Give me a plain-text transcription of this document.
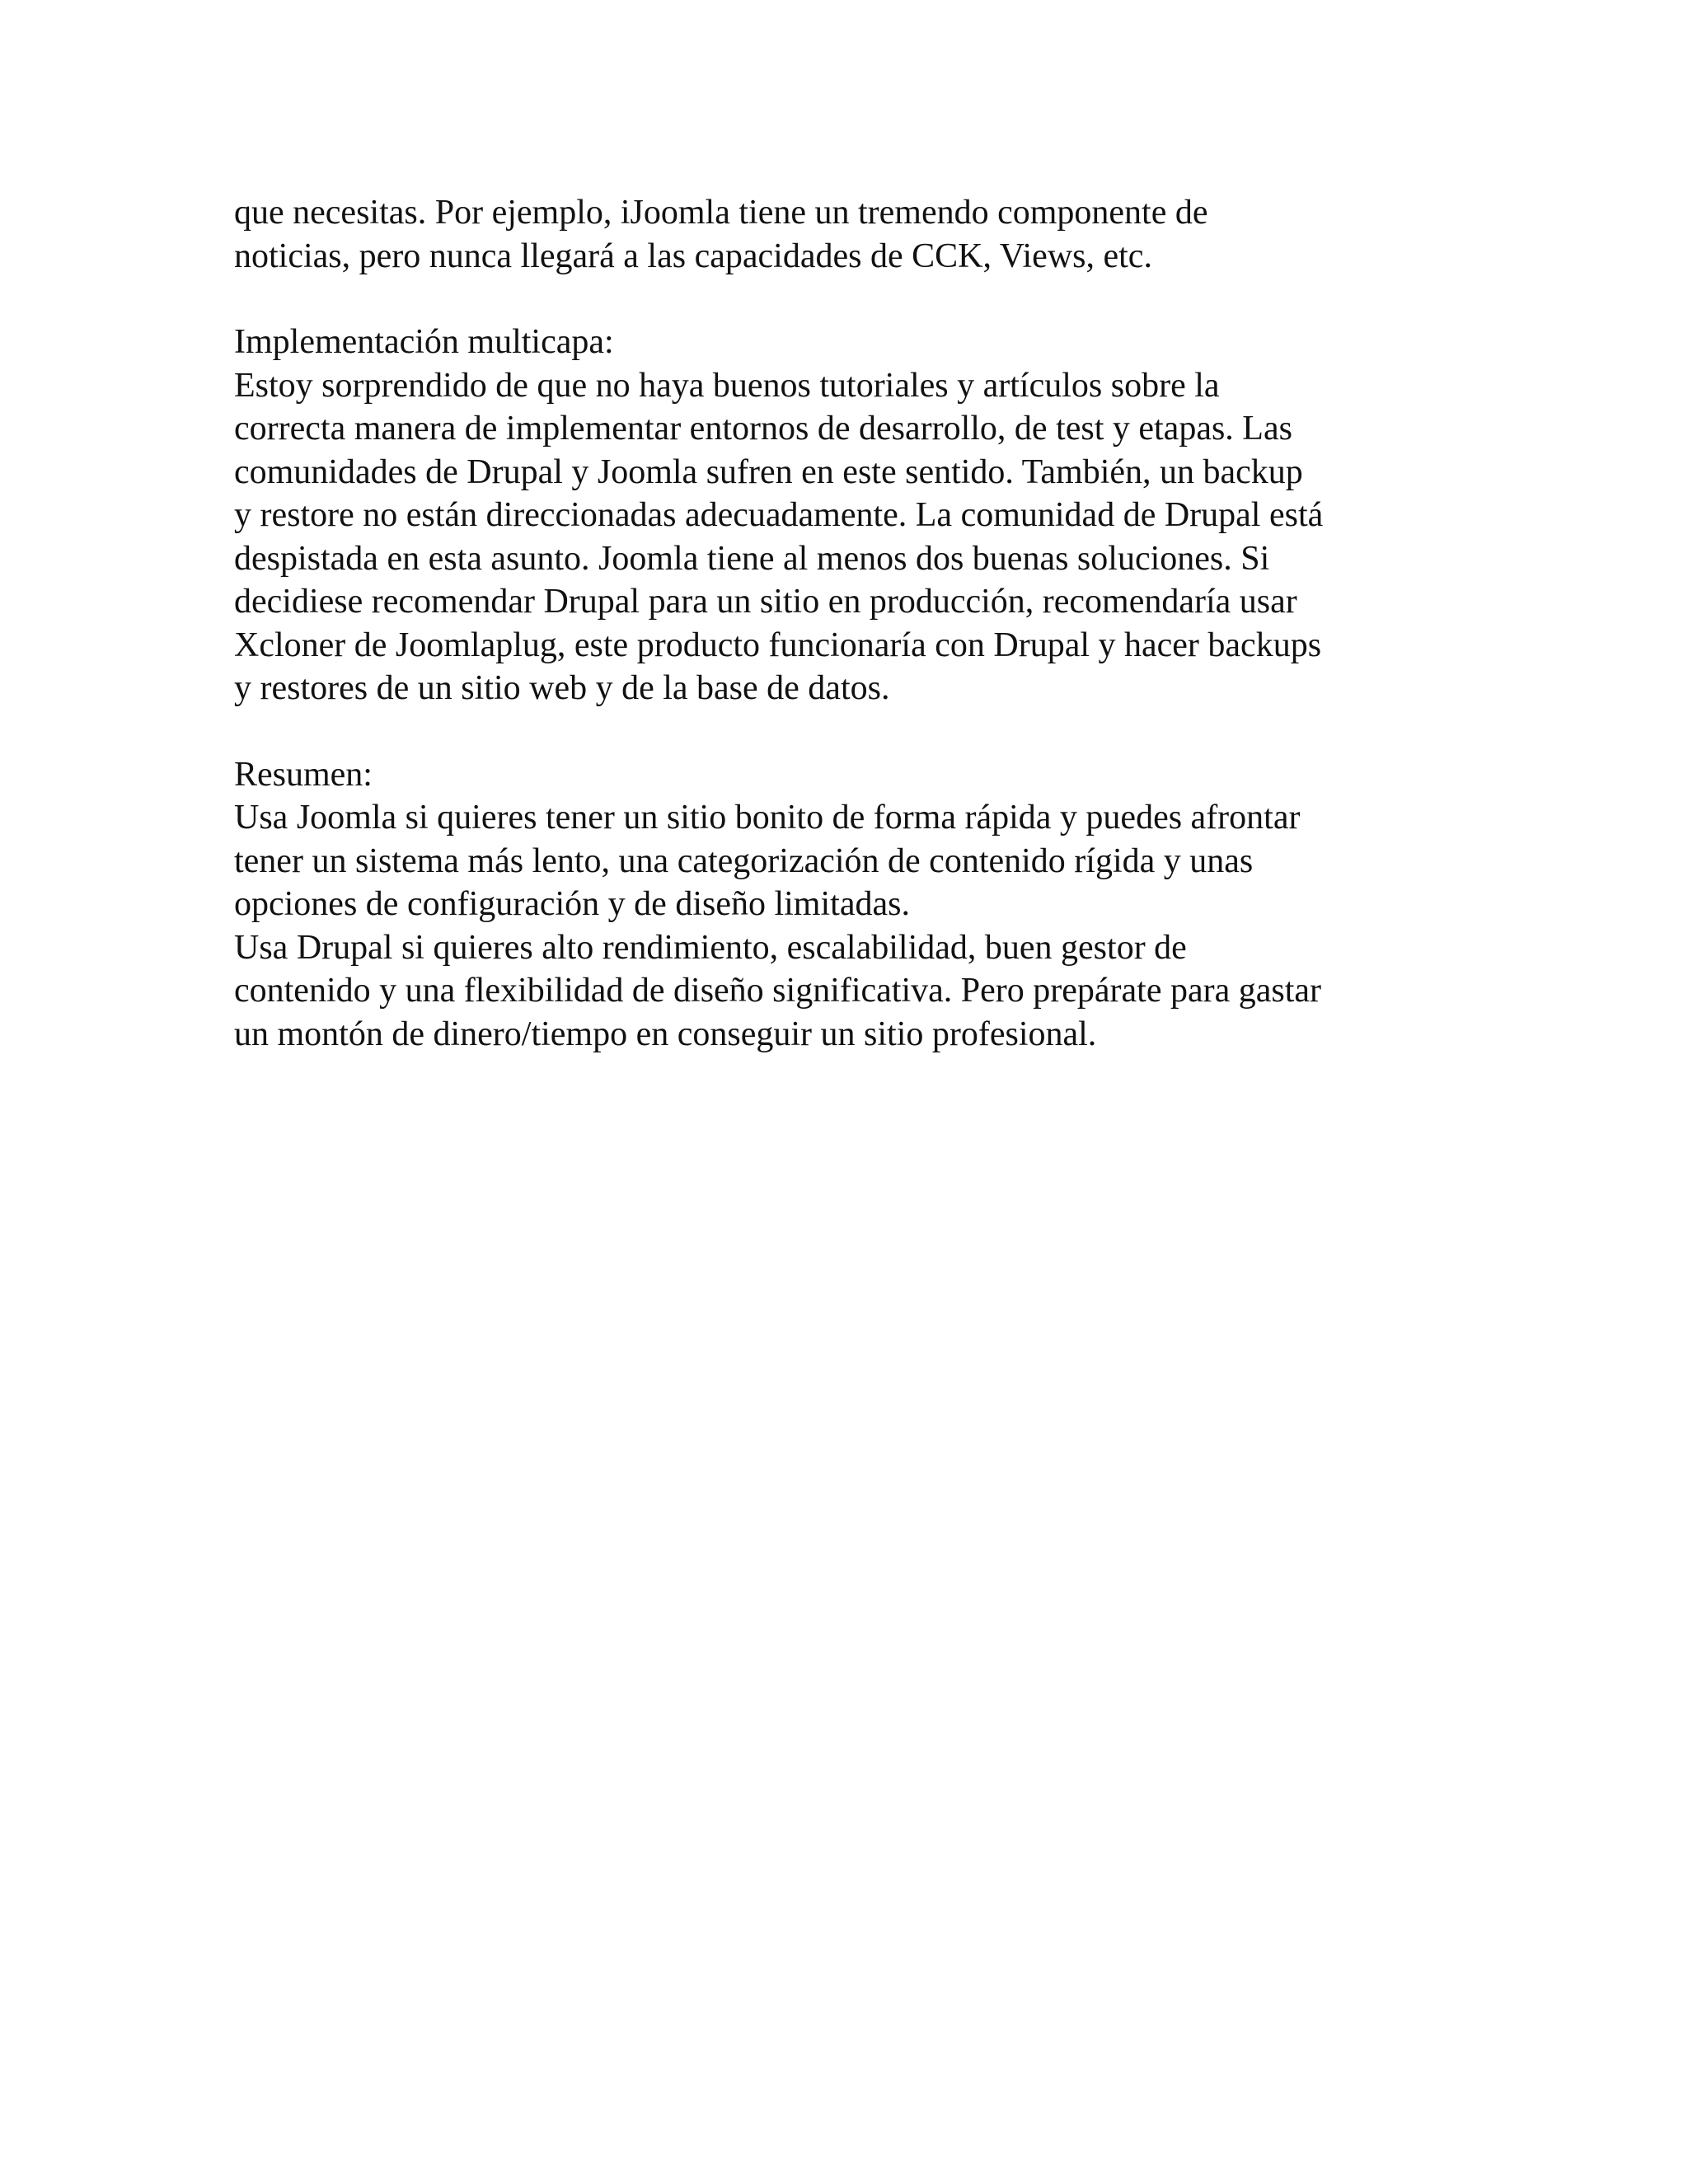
que necesitas. Por ejemplo, iJoomla tiene un tremendo componente de
noticias, pero nunca llegará a las capacidades de CCK, Views, etc.
Implementación multicapa:
Estoy sorprendido de que no haya buenos tutoriales y artículos sobre la
correcta manera de implementar entornos de desarrollo, de test y etapas. Las
comunidades de Drupal y Joomla sufren en este sentido. También, un backup
y restore no están direccionadas adecuadamente. La comunidad de Drupal está
despistada en esta asunto. Joomla tiene al menos dos buenas soluciones. Si
decidiese recomendar Drupal para un sitio en producción, recomendaría usar
Xcloner de Joomlaplug, este producto funcionaría con Drupal y hacer backups
y restores de un sitio web y de la base de datos.
Resumen:
Usa Joomla si quieres tener un sitio bonito de forma rápida y puedes afrontar
tener un sistema más lento, una categorización de contenido rígida y unas
opciones de configuración y de diseño limitadas.
Usa Drupal si quieres alto rendimiento, escalabilidad, buen gestor de
contenido y una flexibilidad de diseño significativa. Pero prepárate para gastar
un montón de dinero/tiempo en conseguir un sitio profesional.
